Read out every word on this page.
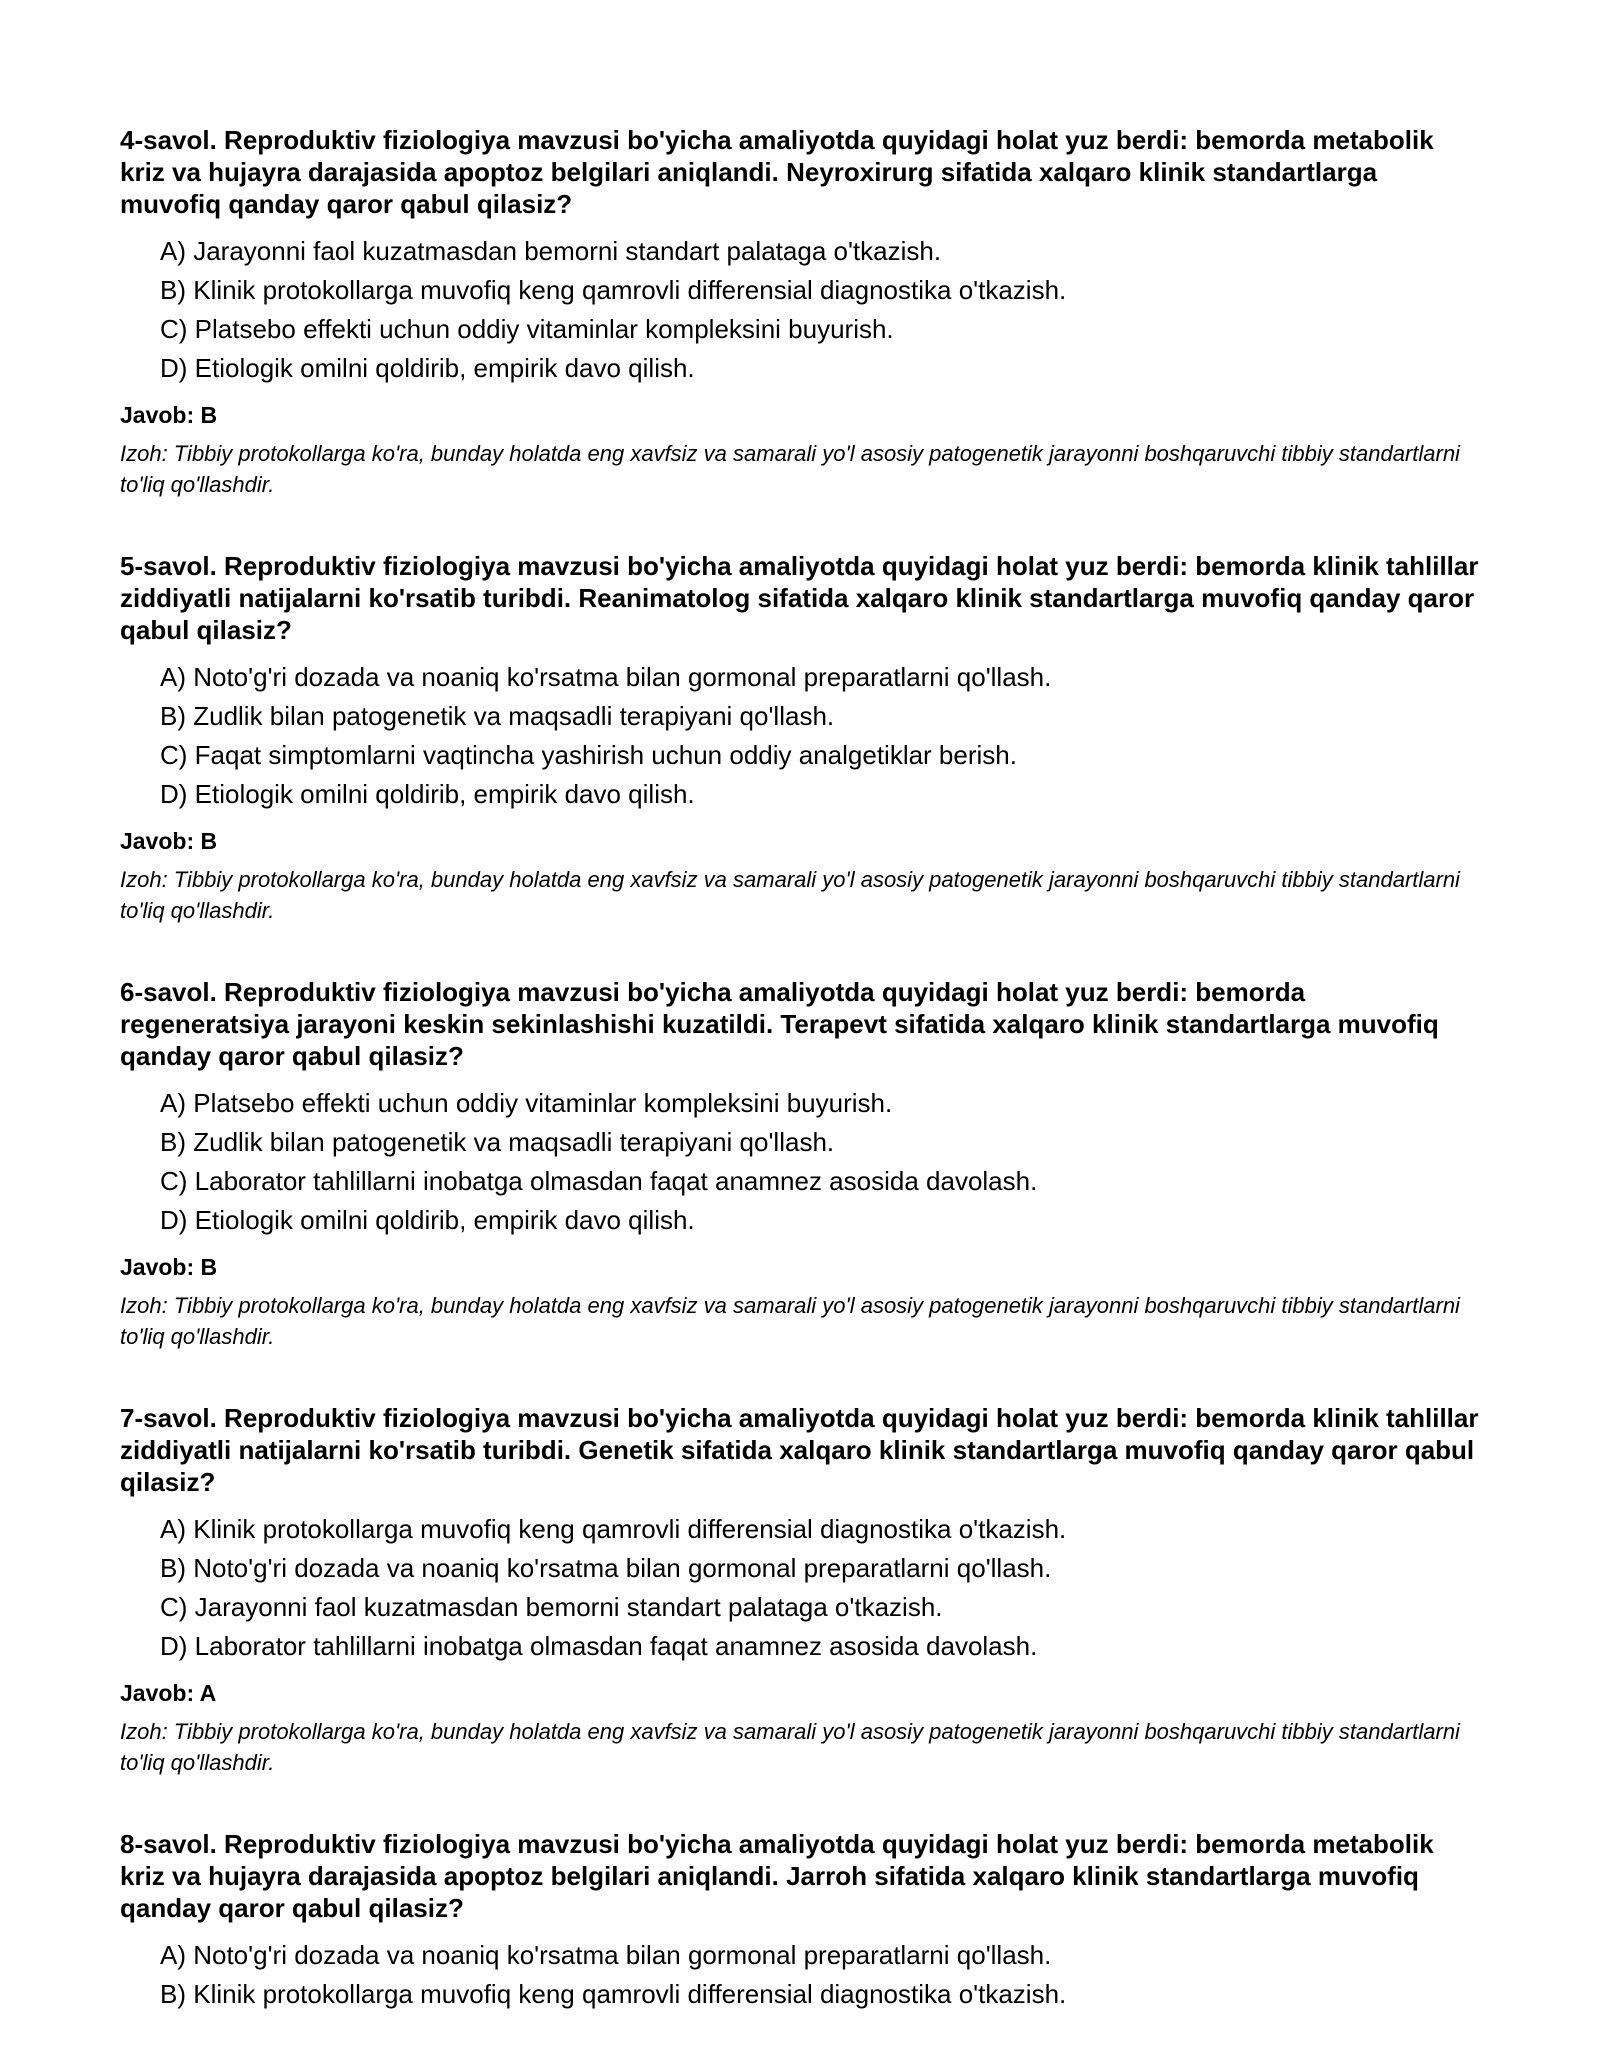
4-savol. Reproduktiv fiziologiya mavzusi bo'yicha amaliyotda quyidagi holat yuz berdi: bemorda metabolik kriz va hujayra darajasida apoptoz belgilari aniqlandi. Neyroxirurg sifatida xalqaro klinik standartlarga muvofiq qanday qaror qabul qilasiz?
A) Jarayonni faol kuzatmasdan bemorni standart palataga o'tkazish.
B) Klinik protokollarga muvofiq keng qamrovli differensial diagnostika o'tkazish.
C) Platsebo effekti uchun oddiy vitaminlar kompleksini buyurish.
D) Etiologik omilni qoldirib, empirik davo qilish.
Javob: B
Izoh: Tibbiy protokollarga ko'ra, bunday holatda eng xavfsiz va samarali yo'l asosiy patogenetik jarayonni boshqaruvchi tibbiy standartlarni to'liq qo'llashdir.
5-savol. Reproduktiv fiziologiya mavzusi bo'yicha amaliyotda quyidagi holat yuz berdi: bemorda klinik tahlillar ziddiyatli natijalarni ko'rsatib turibdi. Reanimatolog sifatida xalqaro klinik standartlarga muvofiq qanday qaror qabul qilasiz?
A) Noto'g'ri dozada va noaniq ko'rsatma bilan gormonal preparatlarni qo'llash.
B) Zudlik bilan patogenetik va maqsadli terapiyani qo'llash.
C) Faqat simptomlarni vaqtincha yashirish uchun oddiy analgetiklar berish.
D) Etiologik omilni qoldirib, empirik davo qilish.
Javob: B
Izoh: Tibbiy protokollarga ko'ra, bunday holatda eng xavfsiz va samarali yo'l asosiy patogenetik jarayonni boshqaruvchi tibbiy standartlarni to'liq qo'llashdir.
6-savol. Reproduktiv fiziologiya mavzusi bo'yicha amaliyotda quyidagi holat yuz berdi: bemorda regeneratsiya jarayoni keskin sekinlashishi kuzatildi. Terapevt sifatida xalqaro klinik standartlarga muvofiq qanday qaror qabul qilasiz?
A) Platsebo effekti uchun oddiy vitaminlar kompleksini buyurish.
B) Zudlik bilan patogenetik va maqsadli terapiyani qo'llash.
C) Laborator tahlillarni inobatga olmasdan faqat anamnez asosida davolash.
D) Etiologik omilni qoldirib, empirik davo qilish.
Javob: B
Izoh: Tibbiy protokollarga ko'ra, bunday holatda eng xavfsiz va samarali yo'l asosiy patogenetik jarayonni boshqaruvchi tibbiy standartlarni to'liq qo'llashdir.
7-savol. Reproduktiv fiziologiya mavzusi bo'yicha amaliyotda quyidagi holat yuz berdi: bemorda klinik tahlillar ziddiyatli natijalarni ko'rsatib turibdi. Genetik sifatida xalqaro klinik standartlarga muvofiq qanday qaror qabul qilasiz?
A) Klinik protokollarga muvofiq keng qamrovli differensial diagnostika o'tkazish.
B) Noto'g'ri dozada va noaniq ko'rsatma bilan gormonal preparatlarni qo'llash.
C) Jarayonni faol kuzatmasdan bemorni standart palataga o'tkazish.
D) Laborator tahlillarni inobatga olmasdan faqat anamnez asosida davolash.
Javob: A
Izoh: Tibbiy protokollarga ko'ra, bunday holatda eng xavfsiz va samarali yo'l asosiy patogenetik jarayonni boshqaruvchi tibbiy standartlarni to'liq qo'llashdir.
8-savol. Reproduktiv fiziologiya mavzusi bo'yicha amaliyotda quyidagi holat yuz berdi: bemorda metabolik kriz va hujayra darajasida apoptoz belgilari aniqlandi. Jarroh sifatida xalqaro klinik standartlarga muvofiq qanday qaror qabul qilasiz?
A) Noto'g'ri dozada va noaniq ko'rsatma bilan gormonal preparatlarni qo'llash.
B) Klinik protokollarga muvofiq keng qamrovli differensial diagnostika o'tkazish.
